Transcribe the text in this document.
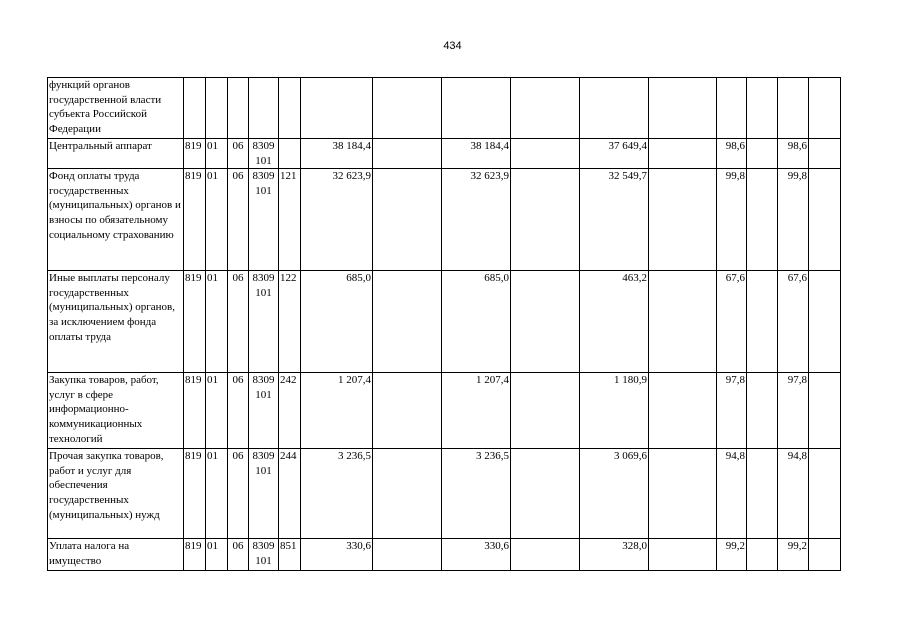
434
функций органов государственной власти субъекта Российской Федерации															
Центральный аппарат	819	01	06	8309 101		38 184,4		38 184,4		37 649,4		98,6		98,6	
Фонд оплаты труда государственных (муниципальных) органов и взносы по обязательному социальному страхованию	819	01	06	8309 101	121	32 623,9		32 623,9		32 549,7		99,8		99,8	
Иные выплаты персоналу государственных (муниципальных) органов, за исключением фонда оплаты труда	819	01	06	8309 101	122	685,0		685,0		463,2		67,6		67,6	
Закупка товаров, работ, услуг в сфере информационно-коммуникационных технологий	819	01	06	8309 101	242	1 207,4		1 207,4		1 180,9		97,8		97,8	
Прочая закупка товаров, работ и услуг для обеспечения государственных (муниципальных) нужд	819	01	06	8309 101	244	3 236,5		3 236,5		3 069,6		94,8		94,8	
Уплата налога на имущество	819	01	06	8309 101	851	330,6		330,6		328,0		99,2		99,2	
